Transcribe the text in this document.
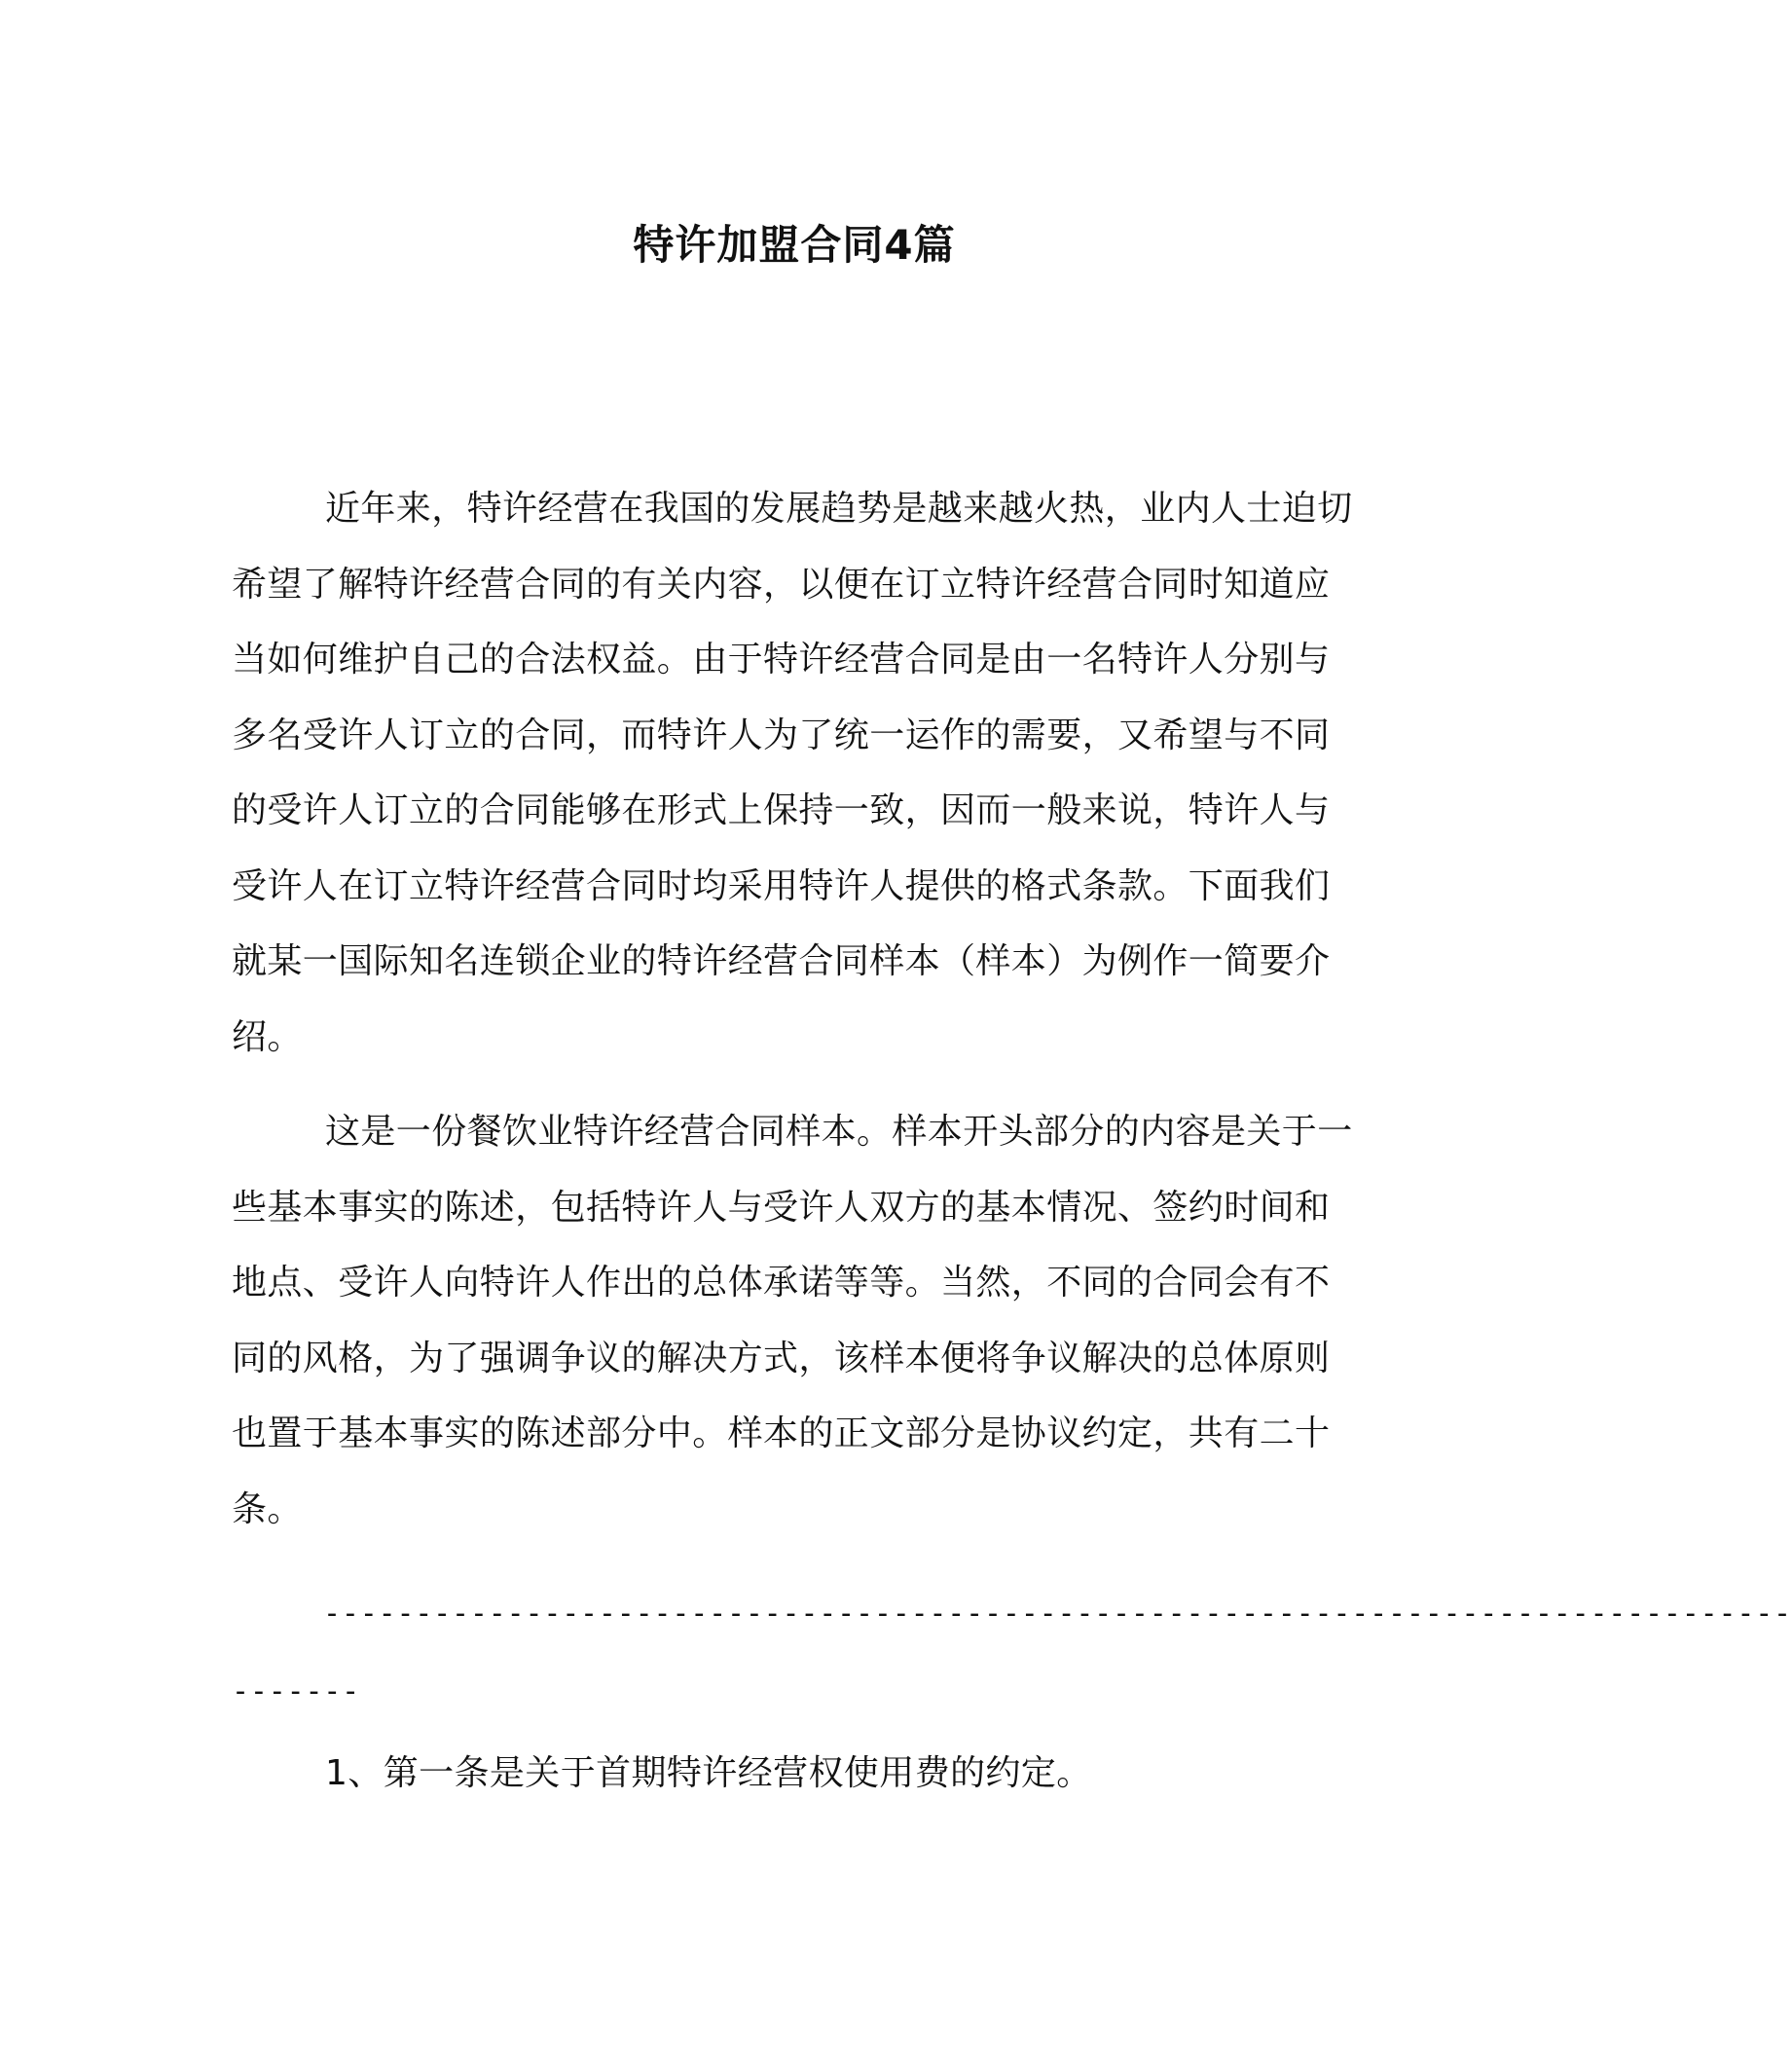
特许加盟合同4篇

近年来，特许经营在我国的发展趋势是越来越火热，业内人士迫切希望了解特许经营合同的有关内容，以便在订立特许经营合同时知道应当如何维护自己的合法权益。由于特许经营合同是由一名特许人分别与多名受许人订立的合同，而特许人为了统一运作的需要，又希望与不同的受许人订立的合同能够在形式上保持一致，因而一般来说，特许人与受许人在订立特许经营合同时均采用特许人提供的格式条款。下面我们就某一国际知名连锁企业的特许经营合同样本（样本）为例作一简要介绍。

这是一份餐饮业特许经营合同样本。样本开头部分的内容是关于一些基本事实的陈述，包括特许人与受许人双方的基本情况、签约时间和地点、受许人向特许人作出的总体承诺等等。当然，不同的合同会有不同的风格，为了强调争议的解决方式，该样本便将争议解决的总体原则也置于基本事实的陈述部分中。样本的正文部分是协议约定，共有二十条。

--------------------------------------------------------------------------------
-------
1、第一条是关于首期特许经营权使用费的约定。
